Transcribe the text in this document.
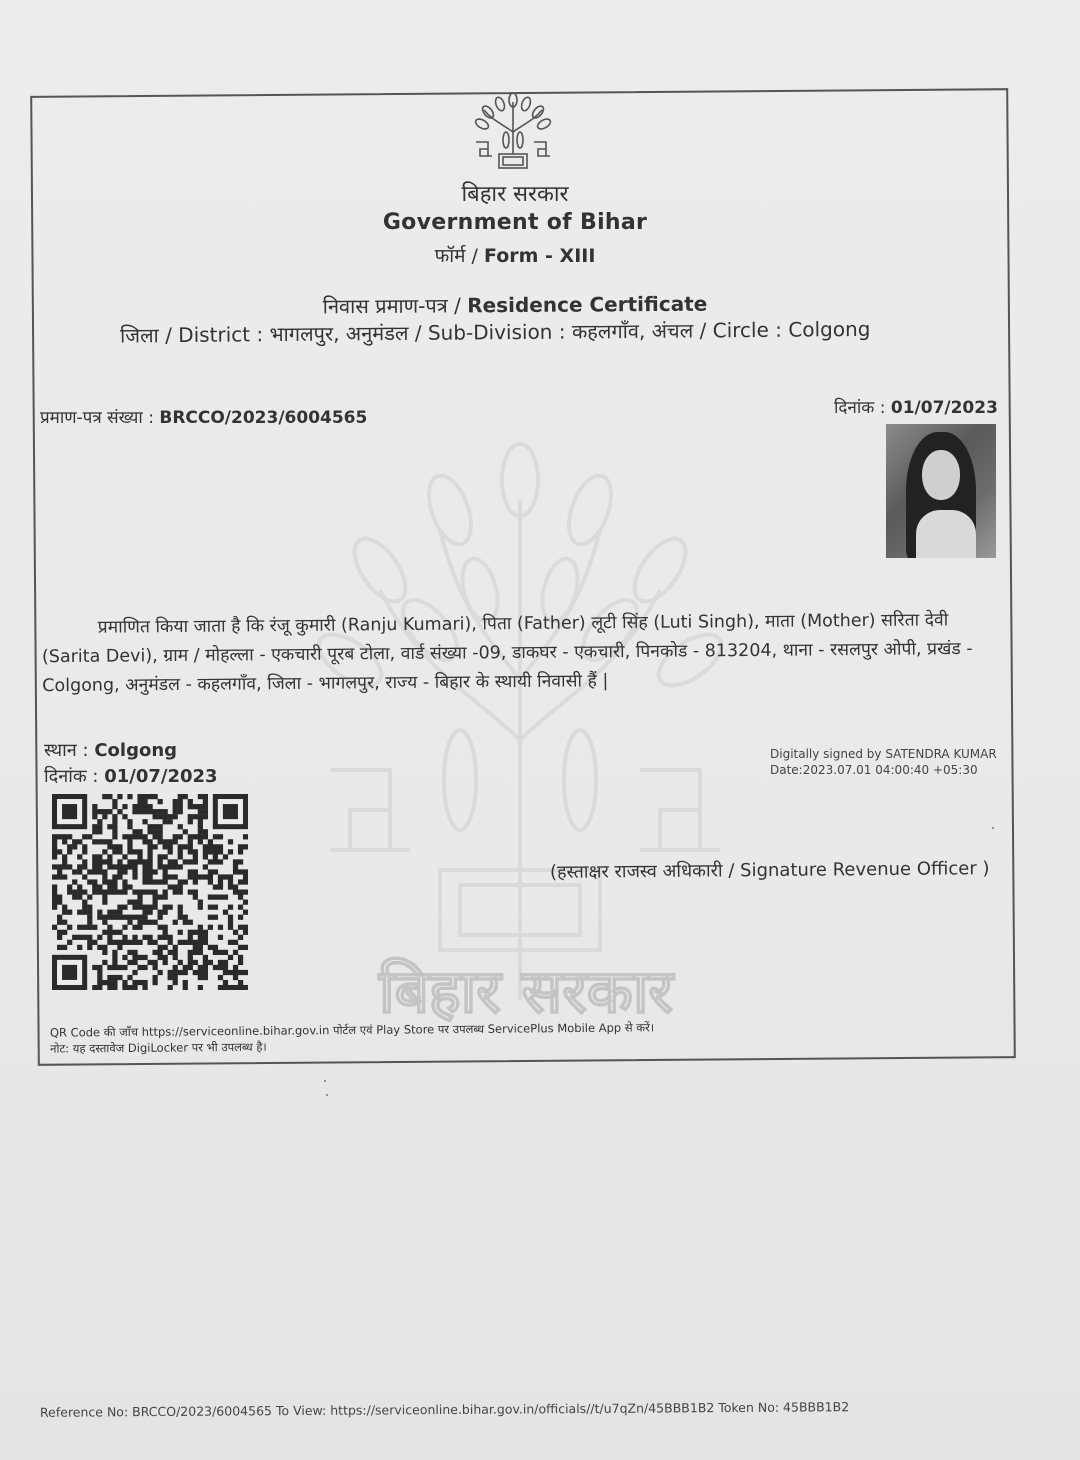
बिहार सरकार
बिहार सरकार
Government of Bihar
फॉर्म / Form - XIII
निवास प्रमाण-पत्र / Residence Certificate
जिला / District : भागलपुर, अनुमंडल / Sub-Division : कहलगाँव, अंचल / Circle : Colgong
प्रमाण-पत्र संख्या : BRCCO/2023/6004565	दिनांक : 01/07/2023

प्रमाणित किया जाता है कि रंजू कुमारी (Ranju Kumari), पिता (Father) लूटी सिंह (Luti Singh), माता (Mother) सरिता देवी (Sarita Devi), ग्राम / मोहल्ला - एकचारी पूरब टोला, वार्ड संख्या -09, डाकघर - एकचारी, पिनकोड - 813204, थाना - रसलपुर ओपी, प्रखंड - Colgong, अनुमंडल - कहलगाँव, जिला - भागलपुर, राज्य - बिहार के स्थायी निवासी हैं |

स्थान : Colgong
दिनांक : 01/07/2023
Digitally signed by SATENDRA KUMAR
Date:2023.07.01 04:00:40 +05:30
(हस्ताक्षर राजस्व अधिकारी / Signature Revenue Officer )
QR Code की जाँच https://serviceonline.bihar.gov.in पोर्टल एवं Play Store पर उपलब्ध ServicePlus Mobile App से करें।
नोट: यह दस्तावेज DigiLocker पर भी उपलब्ध है।
Reference No: BRCCO/2023/6004565 To View: https://serviceonline.bihar.gov.in/officials//t/u7qZn/45BBB1B2 Token No: 45BBB1B2
